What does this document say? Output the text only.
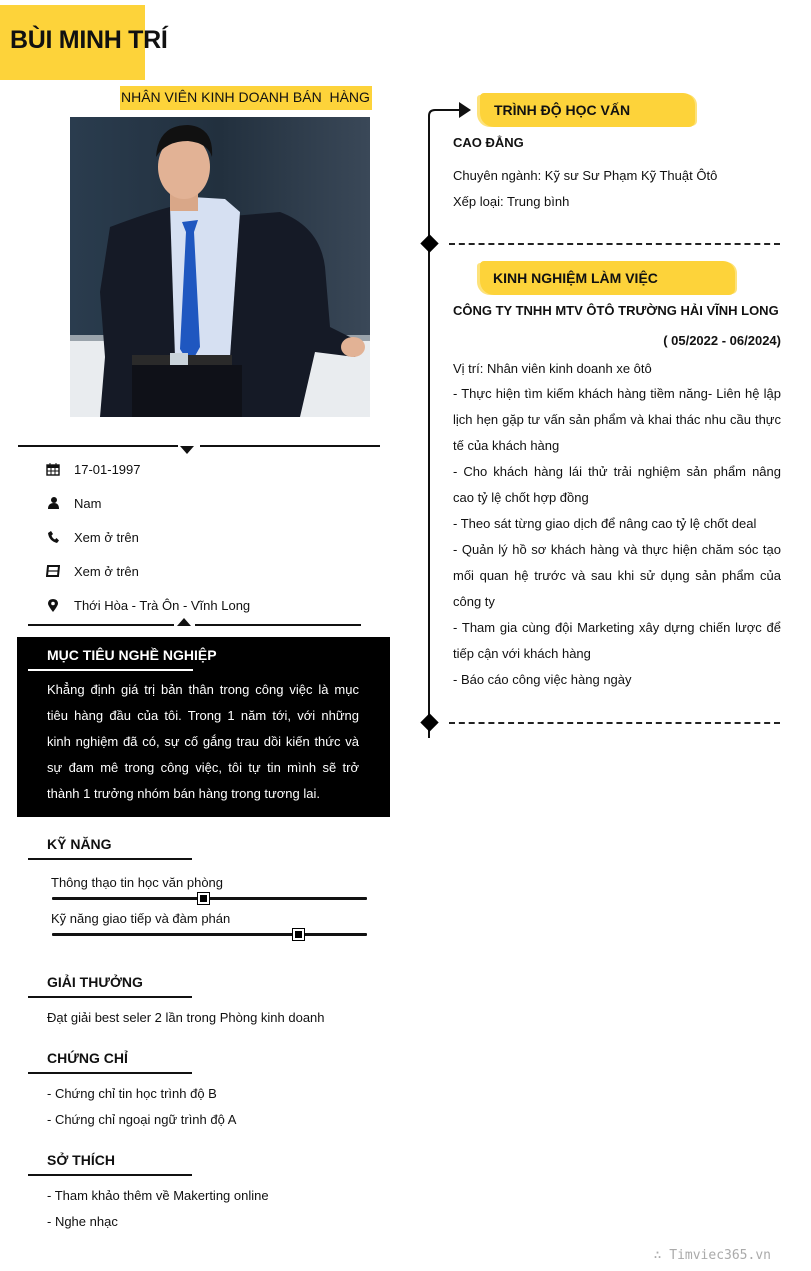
BÙI MINH TRÍ
NHÂN VIÊN KINH DOANH BÁN  HÀNG
17-01-1997
Nam
Xem ở trên
Xem ở trên
Thới Hòa - Trà Ôn - Vĩnh Long
MỤC TIÊU NGHỀ NGHIỆP
Khẳng định giá trị bản thân trong công việc là mục tiêu hàng đầu của tôi. Trong 1 năm tới, với những kinh nghiệm đã có, sự cố gắng trau dồi kiến thức và sự đam mê trong công việc, tôi tự tin mình sẽ trở thành 1 trưởng nhóm bán hàng trong tương lai.
KỸ NĂNG
Thông thạo tin học văn phòng
Kỹ năng giao tiếp và đàm phán
GIẢI THƯỞNG
Đạt giải best seler 2 lần trong Phòng kinh doanh
CHỨNG CHỈ
- Chứng chỉ tin học trình độ B
- Chứng chỉ ngoại ngữ trình độ A
SỞ THÍCH
- Tham khảo thêm về Makerting online
- Nghe nhạc
TRÌNH ĐỘ HỌC VẤN
CAO ĐẲNG
Chuyên ngành: Kỹ sư Sư Phạm Kỹ Thuật Ôtô
Xếp loại: Trung bình
KINH NGHIỆM LÀM VIỆC
CÔNG TY TNHH MTV ÔTÔ TRƯỜNG HẢI VĨNH LONG
( 05/2022 - 06/2024)
Vị trí: Nhân viên kinh doanh xe ôtô
- Thực hiện tìm kiếm khách hàng tiềm năng- Liên hệ lập lịch hẹn gặp tư vấn sản phẩm và khai thác nhu cầu thực tế của khách hàng
- Cho khách hàng lái thử trải nghiệm sản phẩm nâng cao tỷ lệ chốt hợp đồng
- Theo sát từng giao dịch để nâng cao tỷ lệ chốt deal
- Quản lý hồ sơ khách hàng và thực hiện chăm sóc tạo mối quan hệ trước và sau khi sử dụng sản phẩm của công ty
- Tham gia cùng đội Marketing xây dựng chiến lược để tiếp cận với khách hàng
- Báo cáo công việc hàng ngày
∴ Timviec365.vn
